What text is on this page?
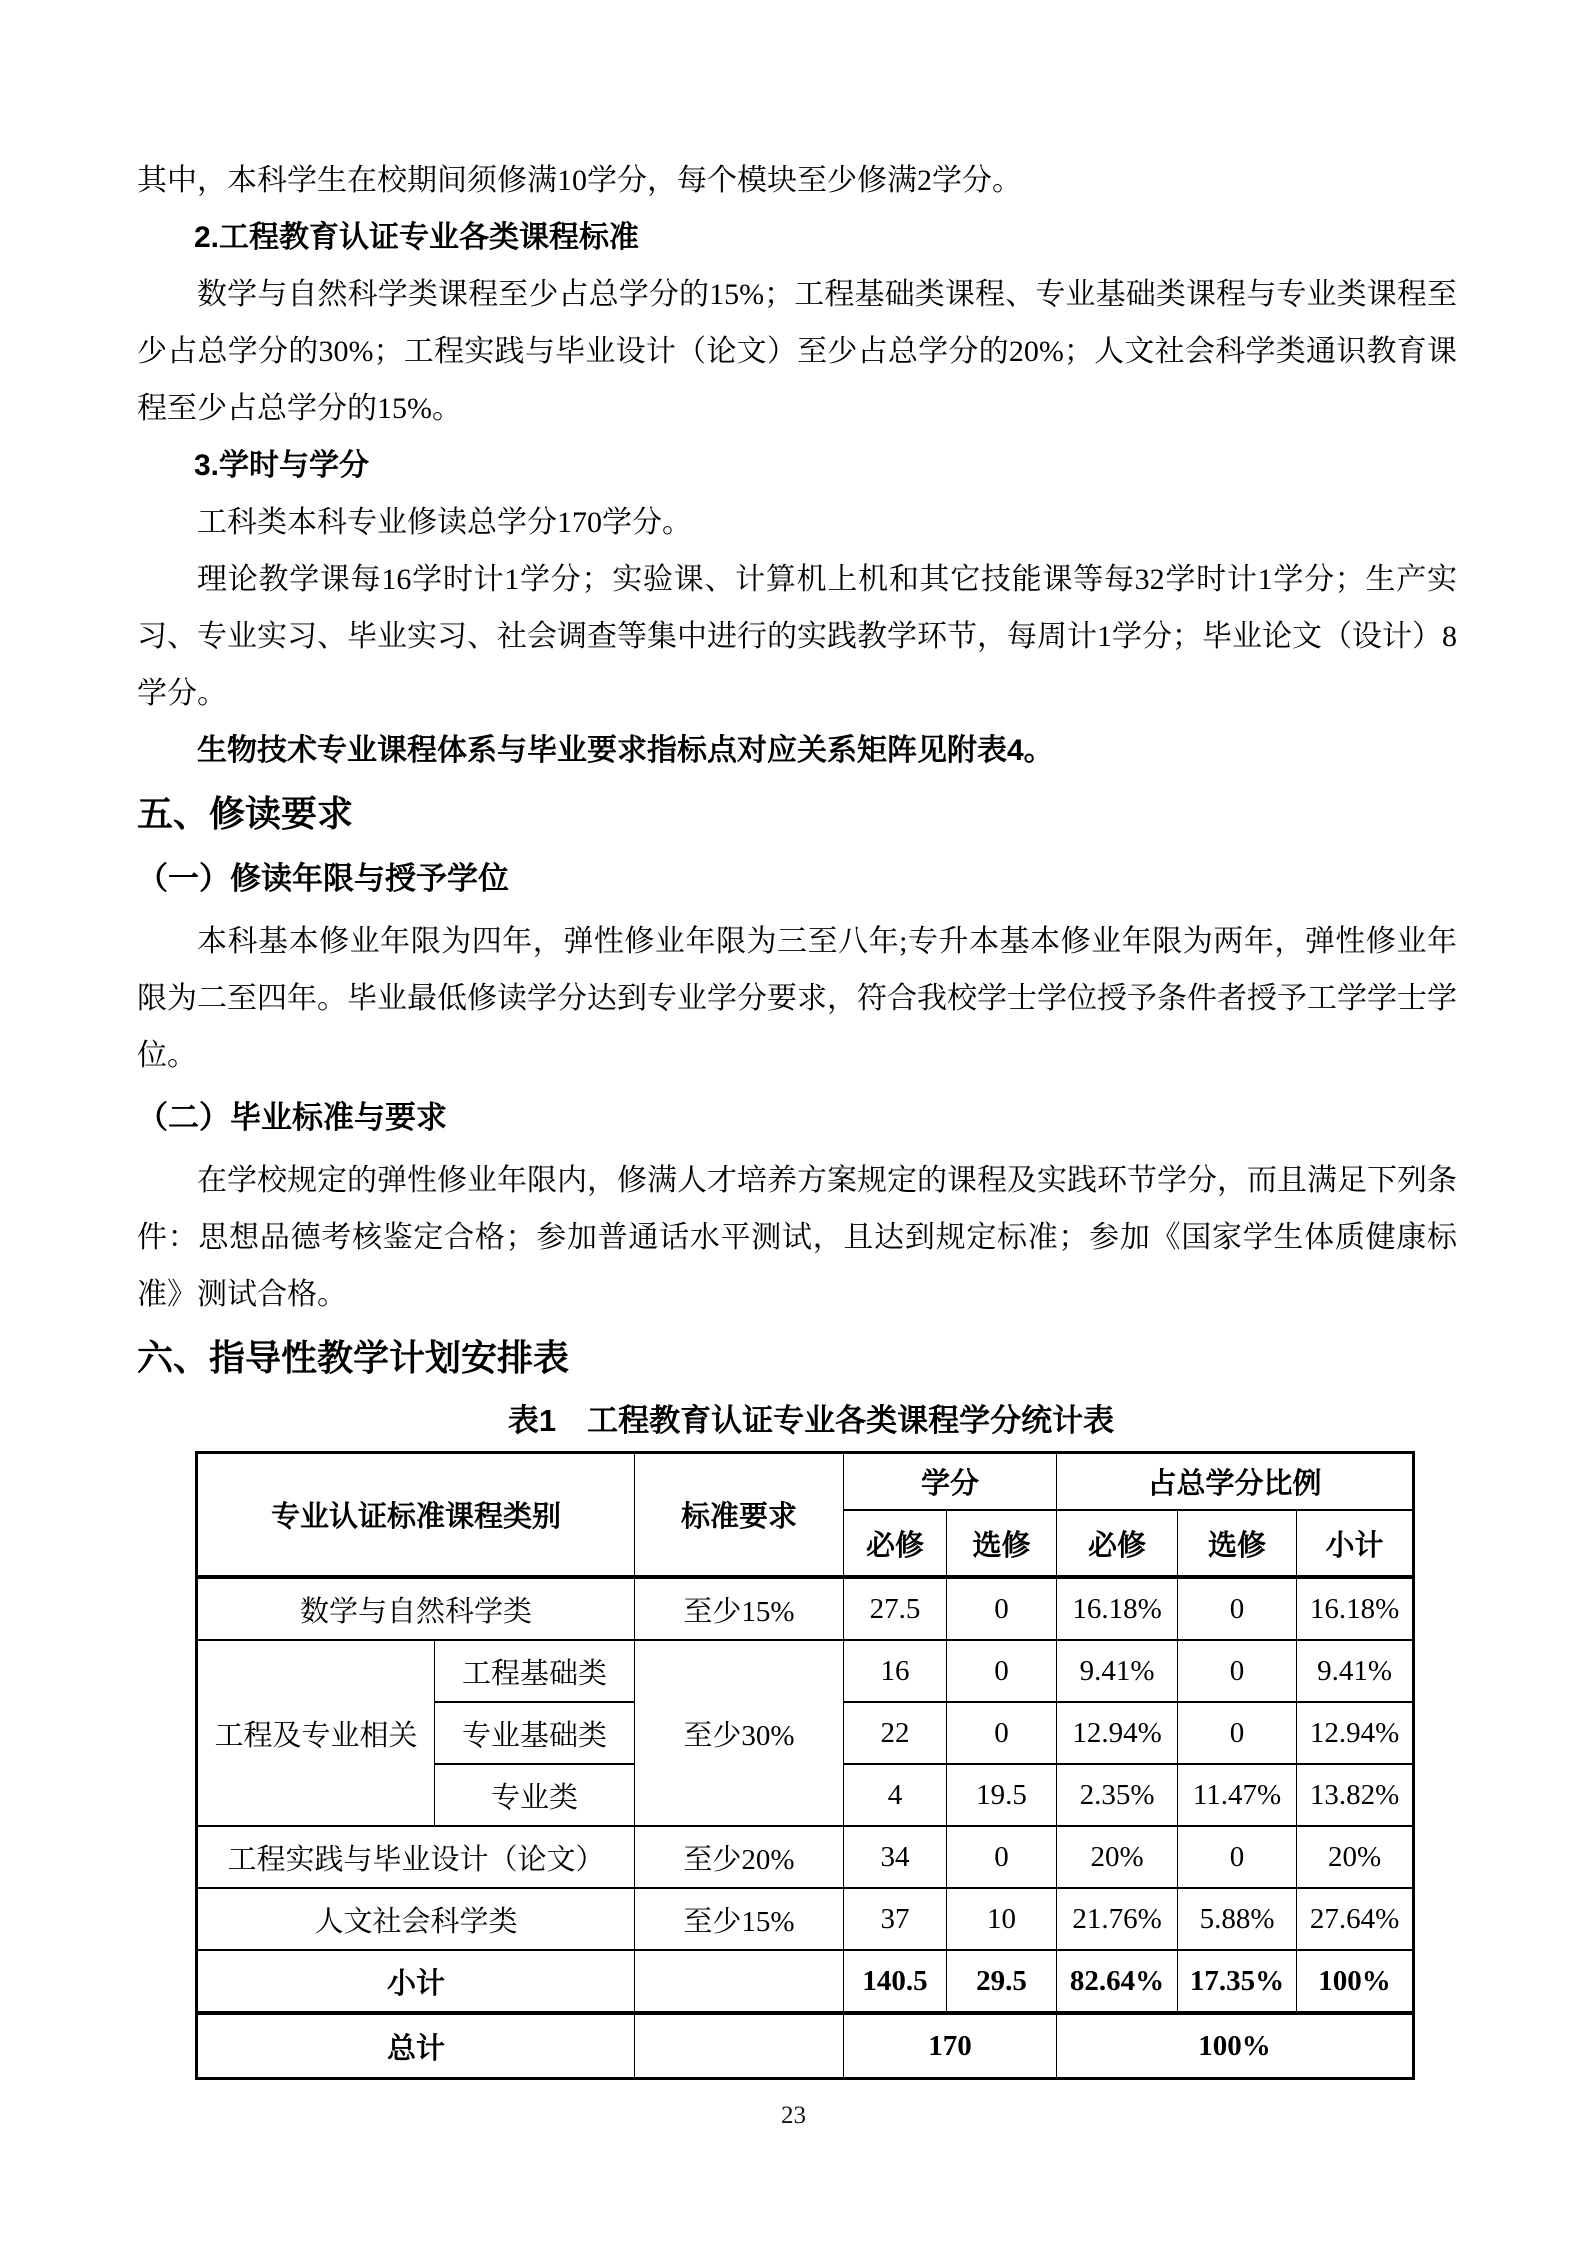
其中，本科学生在校期间须修满10学分，每个模块至少修满2学分。

2.工程教育认证专业各类课程标准

数学与自然科学类课程至少占总学分的15%；工程基础类课程、专业基础类课程与专业类课程至少占总学分的30%；工程实践与毕业设计（论文）至少占总学分的20%；人文社会科学类通识教育课程至少占总学分的15%。

3.学时与学分

工科类本科专业修读总学分170学分。

理论教学课每16学时计1学分；实验课、计算机上机和其它技能课等每32学时计1学分；生产实习、专业实习、毕业实习、社会调查等集中进行的实践教学环节，每周计1学分；毕业论文（设计）8学分。

生物技术专业课程体系与毕业要求指标点对应关系矩阵见附表4。

五、修读要求

（一）修读年限与授予学位

本科基本修业年限为四年，弹性修业年限为三至八年;专升本基本修业年限为两年，弹性修业年限为二至四年。毕业最低修读学分达到专业学分要求，符合我校学士学位授予条件者授予工学学士学位。

（二）毕业标准与要求

在学校规定的弹性修业年限内，修满人才培养方案规定的课程及实践环节学分，而且满足下列条件：思想品德考核鉴定合格；参加普通话水平测试，且达到规定标准；参加《国家学生体质健康标准》测试合格。

六、指导性教学计划安排表

表1　工程教育认证专业各类课程学分统计表

专业认证标准课程类别		标准要求	学分		占总学分比例		
			必修	选修	必修	选修	小计
数学与自然科学类		至少15%	27.5	0	16.18%	0	16.18%
工程及专业相关	工程基础类	至少30%	16	0	9.41%	0	9.41%
	专业基础类		22	0	12.94%	0	12.94%
	专业类		4	19.5	2.35%	11.47%	13.82%
工程实践与毕业设计（论文）		至少20%	34	0	20%	0	20%
人文社会科学类		至少15%	37	10	21.76%	5.88%	27.64%
小计			140.5	29.5	82.64%	17.35%	100%
总计			170		100%		
23
